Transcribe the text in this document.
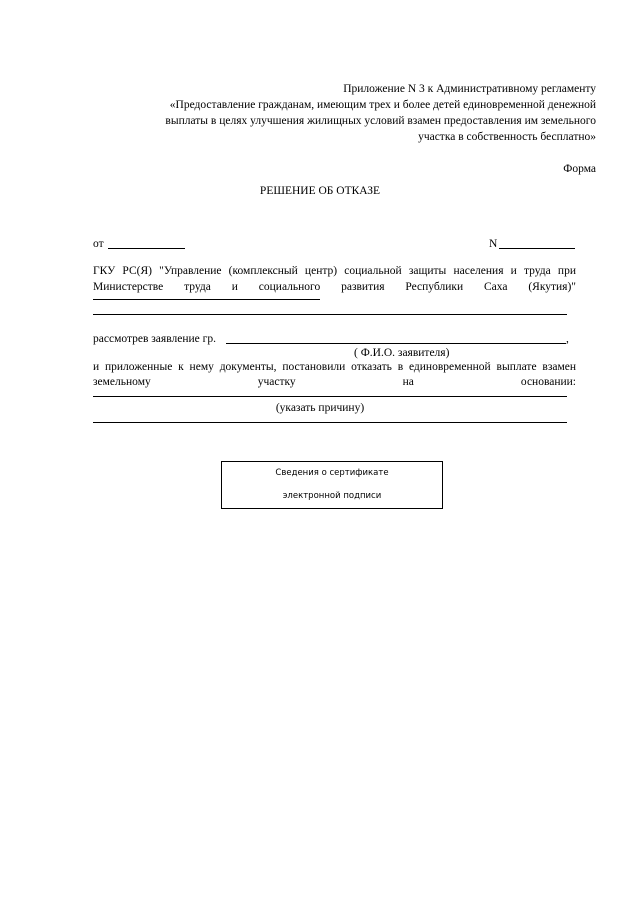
Приложение N 3 к Административному регламенту
«Предоставление гражданам, имеющим трех и более детей единовременной денежной
выплаты в целях улучшения жилищных условий взамен предоставления им земельного
участка в собственность бесплатно»
Форма
РЕШЕНИЕ ОБ ОТКАЗЕ
от	N
ГКУ РС(Я) "Управление (комплексный центр) социальной защиты населения и труда при
Министерстве труда и социального развития Республики Саха (Якутия)"
рассмотрев заявление гр.	,
( Ф.И.О. заявителя)
и приложенные к нему документы, постановили отказать в единовременной выплате взамен
земельному участку на основании:
(указать причину)
Сведения о сертификате
электронной подписи
